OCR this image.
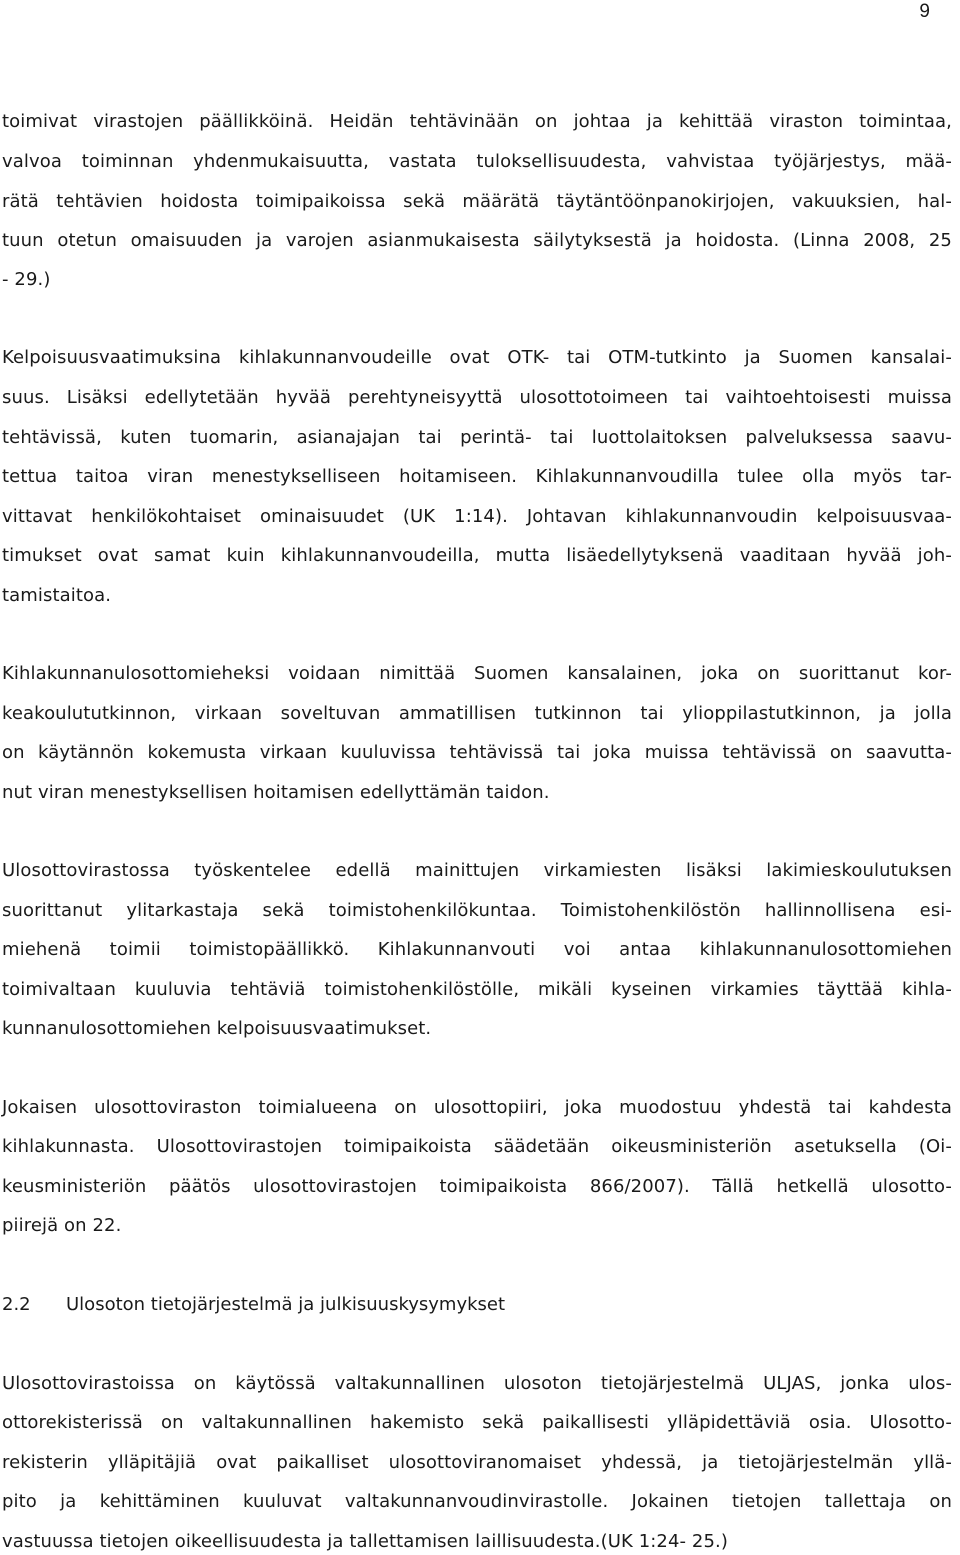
9
toimivat virastojen päällikköinä. Heidän tehtävinään on johtaa ja kehittää viraston toimintaa,
valvoa toiminnan yhdenmukaisuutta, vastata tuloksellisuudesta, vahvistaa työjärjestys, mää-
rätä tehtävien hoidosta toimipaikoissa sekä määrätä täytäntöönpanokirjojen, vakuuksien, hal-
tuun otetun omaisuuden ja varojen asianmukaisesta säilytyksestä ja hoidosta. (Linna 2008, 25
- 29.)
Kelpoisuusvaatimuksina kihlakunnanvoudeille ovat OTK- tai OTM-tutkinto ja Suomen kansalai-
suus. Lisäksi edellytetään hyvää perehtyneisyyttä ulosottotoimeen tai vaihtoehtoisesti muissa
tehtävissä, kuten tuomarin, asianajajan tai perintä- tai luottolaitoksen palveluksessa saavu-
tettua taitoa viran menestykselliseen hoitamiseen. Kihlakunnanvoudilla tulee olla myös tar-
vittavat henkilökohtaiset ominaisuudet (UK 1:14). Johtavan kihlakunnanvoudin kelpoisuusvaa-
timukset ovat samat kuin kihlakunnanvoudeilla, mutta lisäedellytyksenä vaaditaan hyvää joh-
tamistaitoa.
Kihlakunnanulosottomieheksi voidaan nimittää Suomen kansalainen, joka on suorittanut kor-
keakoulututkinnon, virkaan soveltuvan ammatillisen tutkinnon tai ylioppilastutkinnon, ja jolla
on käytännön kokemusta virkaan kuuluvissa tehtävissä tai joka muissa tehtävissä on saavutta-
nut viran menestyksellisen hoitamisen edellyttämän taidon.
Ulosottovirastossa työskentelee edellä mainittujen virkamiesten lisäksi lakimieskoulutuksen
suorittanut ylitarkastaja sekä toimistohenkilökuntaa. Toimistohenkilöstön hallinnollisena esi-
miehenä toimii toimistopäällikkö. Kihlakunnanvouti voi antaa kihlakunnanulosottomiehen
toimivaltaan kuuluvia tehtäviä toimistohenkilöstölle, mikäli kyseinen virkamies täyttää kihla-
kunnanulosottomiehen kelpoisuusvaatimukset.
Jokaisen ulosottoviraston toimialueena on ulosottopiiri, joka muodostuu yhdestä tai kahdesta
kihlakunnasta. Ulosottovirastojen toimipaikoista säädetään oikeusministeriön asetuksella (Oi-
keusministeriön päätös ulosottovirastojen toimipaikoista 866/2007). Tällä hetkellä ulosotto-
piirejä on 22.
2.2 Ulosoton tietojärjestelmä ja julkisuuskysymykset
Ulosottovirastoissa on käytössä valtakunnallinen ulosoton tietojärjestelmä ULJAS, jonka ulos-
ottorekisterissä on valtakunnallinen hakemisto sekä paikallisesti ylläpidettäviä osia. Ulosotto-
rekisterin ylläpitäjiä ovat paikalliset ulosottoviranomaiset yhdessä, ja tietojärjestelmän yllä-
pito ja kehittäminen kuuluvat valtakunnanvoudinvirastolle. Jokainen tietojen tallettaja on
vastuussa tietojen oikeellisuudesta ja tallettamisen laillisuudesta.(UK 1:24- 25.)
